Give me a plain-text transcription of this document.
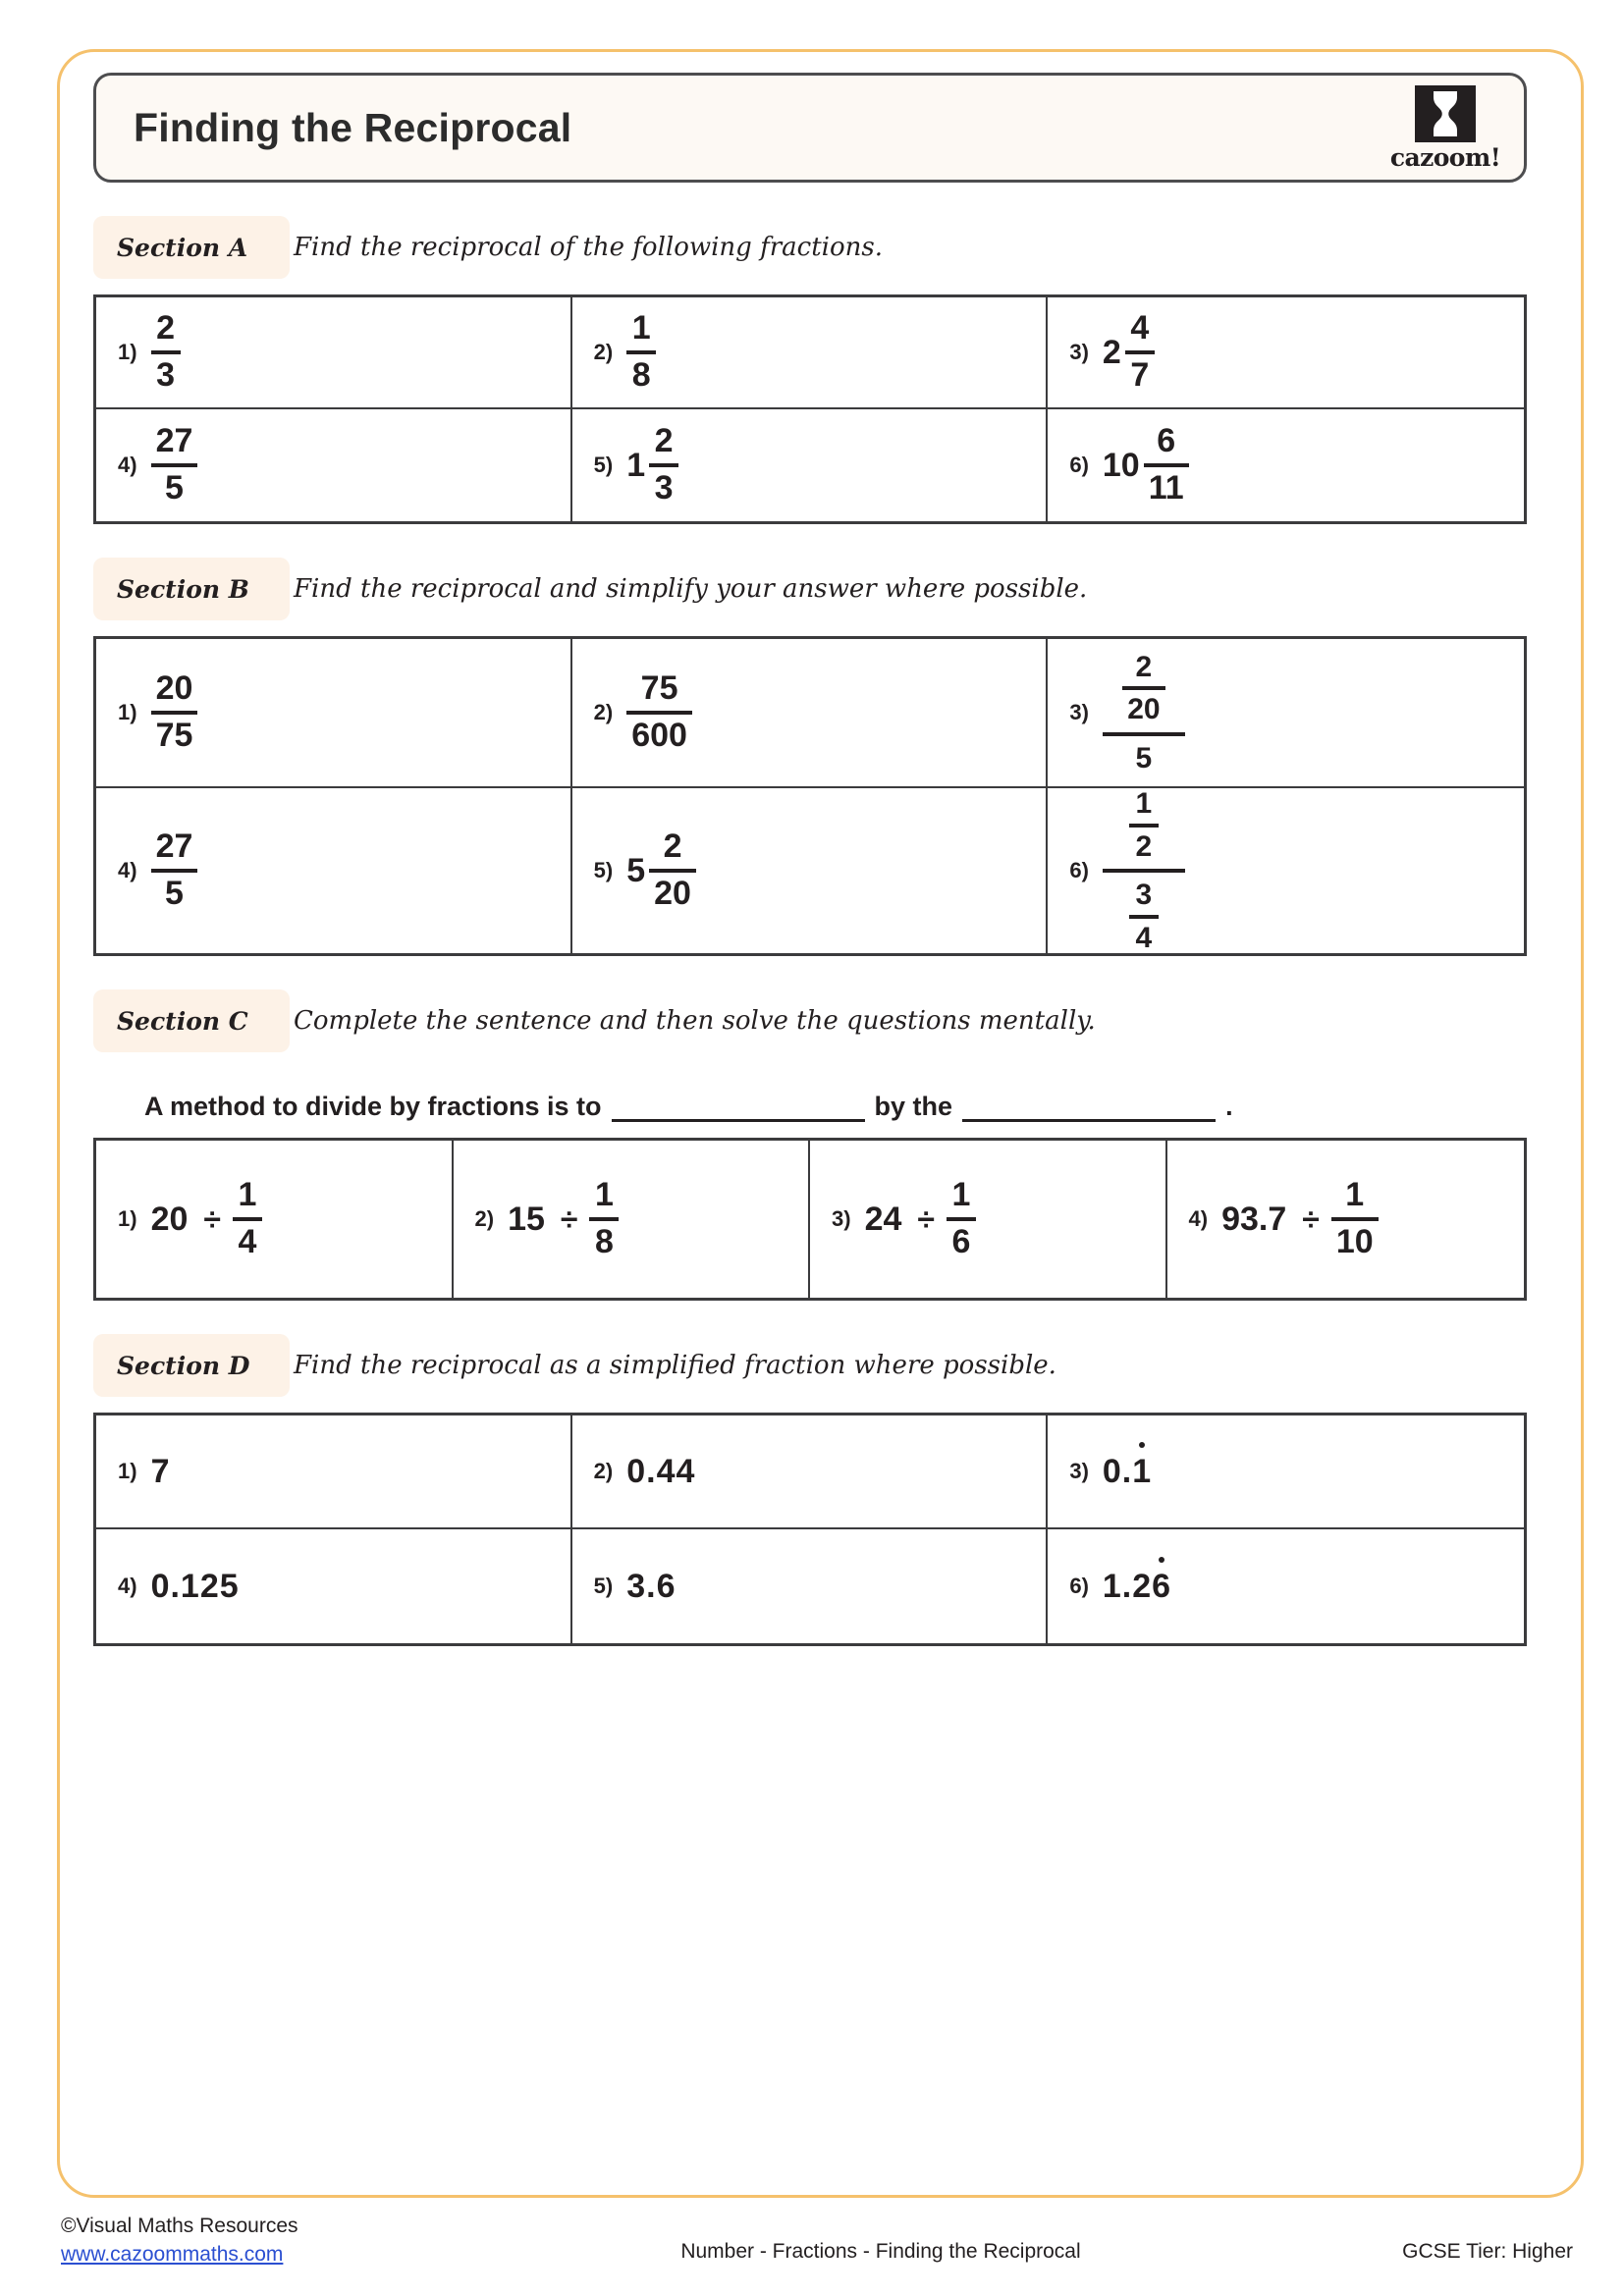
Finding the Reciprocal
cazoom!
Section A	Find the reciprocal of the following fractions.
$1) \frac{2}{3}$	$2) \frac{1}{8}$	3) $2 \frac{4}{7}$
$4) \frac{27}{5}$	5) $1 \frac{2}{3}$	6) $10 \frac{6}{11}$
Section B	Find the reciprocal and simplify your answer where possible.
$1) \frac{20}{75}$	$2) \frac{75}{600}$	$3) \frac{\frac{2}{20}}{5}$
$4) \frac{27}{5}$	5) $5 \frac{2}{20}$	$6) \frac{\frac{1}{2}}{\frac{3}{4}}$
Section C	Complete the sentence and then solve the questions mentally.
A method to divide by fractions is to	by the	.
1) $20 \div \frac{1}{4}$	2) $15 \div \frac{1}{8}$	3) $24 \div \frac{1}{6}$	4) $93.7 \div \frac{1}{10}$
Section D	Find the reciprocal as a simplified fraction where possible.
1) 7	2) 0.44	3) 0.1
4) 0.125	5) 3.6	6) 1.26
©Visual Maths Resources
www.cazoommaths.com	Number - Fractions - Finding the Reciprocal	GCSE Tier: Higher
